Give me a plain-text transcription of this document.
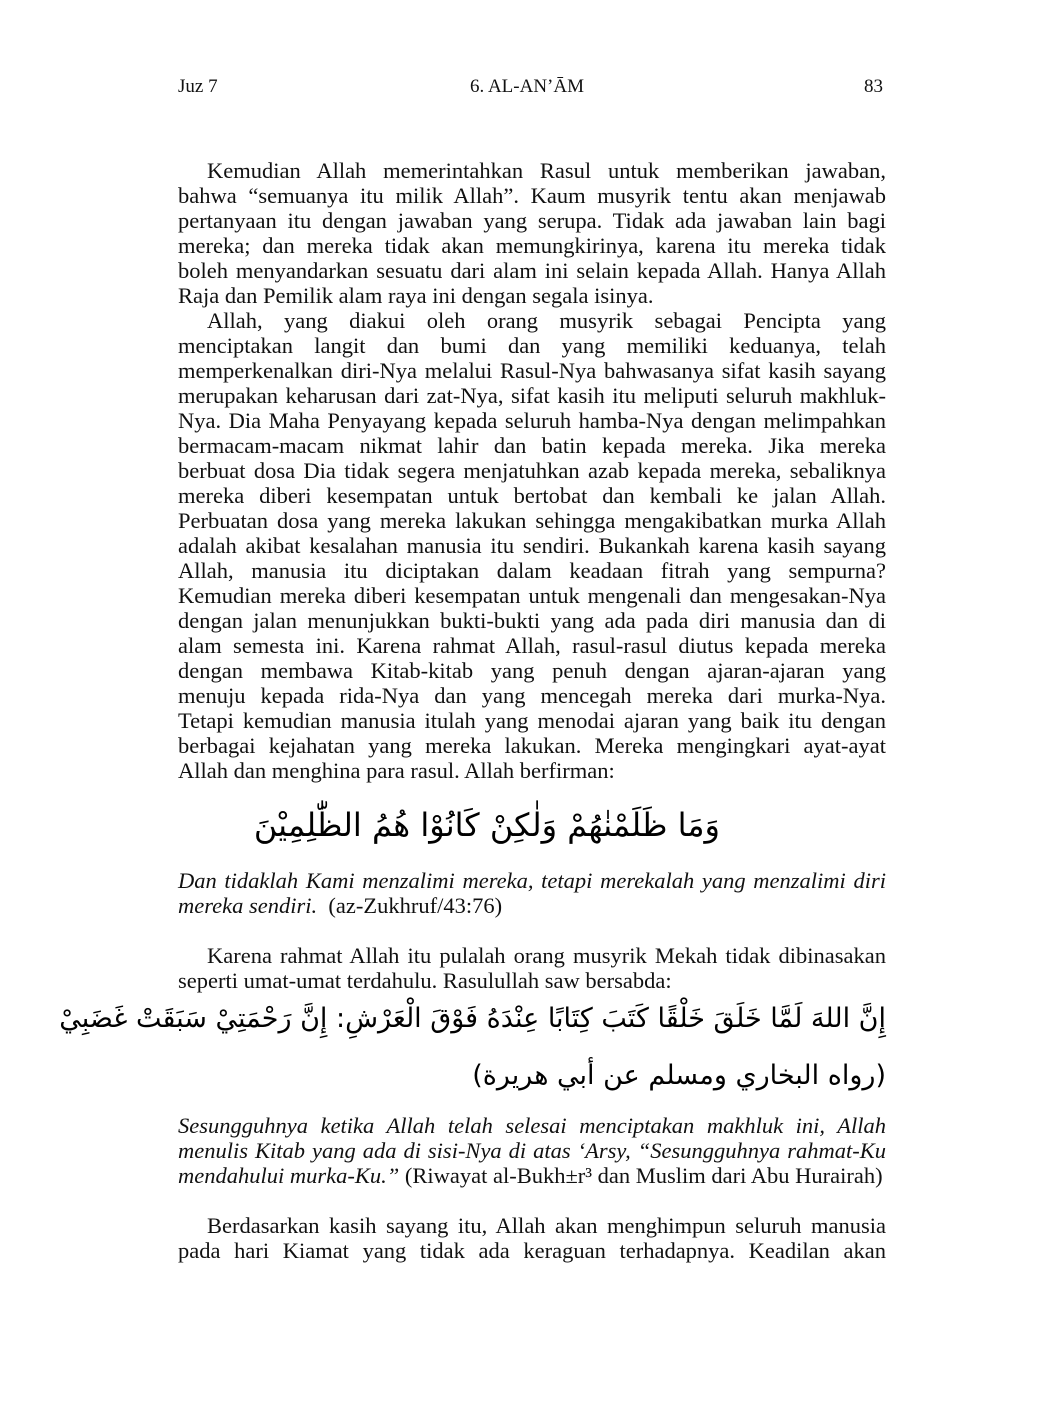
Juz 7	6. AL-AN’ĀM	83
Kemudian Allah memerintahkan Rasul untuk memberikan jawaban,
bahwa “semuanya itu milik Allah”. Kaum musyrik tentu akan menjawab
pertanyaan itu dengan jawaban yang serupa. Tidak ada jawaban lain bagi
mereka; dan mereka tidak akan memungkirinya, karena itu mereka tidak
boleh menyandarkan sesuatu dari alam ini selain kepada Allah. Hanya Allah
Raja dan Pemilik alam raya ini dengan segala isinya.
Allah, yang diakui oleh orang musyrik sebagai Pencipta yang
menciptakan langit dan bumi dan yang memiliki keduanya, telah
memperkenalkan diri-Nya melalui Rasul-Nya bahwasanya sifat kasih sayang
merupakan keharusan dari zat-Nya, sifat kasih itu meliputi seluruh makhluk-
Nya. Dia Maha Penyayang kepada seluruh hamba-Nya dengan melimpahkan
bermacam-macam nikmat lahir dan batin kepada mereka. Jika mereka
berbuat dosa Dia tidak segera menjatuhkan azab kepada mereka, sebaliknya
mereka diberi kesempatan untuk bertobat dan kembali ke jalan Allah.
Perbuatan dosa yang mereka lakukan sehingga mengakibatkan murka Allah
adalah akibat kesalahan manusia itu sendiri. Bukankah karena kasih sayang
Allah, manusia itu diciptakan dalam keadaan fitrah yang sempurna?
Kemudian mereka diberi kesempatan untuk mengenali dan mengesakan-Nya
dengan jalan menunjukkan bukti-bukti yang ada pada diri manusia dan di
alam semesta ini. Karena rahmat Allah, rasul-rasul diutus kepada mereka
dengan membawa Kitab-kitab yang penuh dengan ajaran-ajaran yang
menuju kepada rida-Nya dan yang mencegah mereka dari murka-Nya.
Tetapi kemudian manusia itulah yang menodai ajaran yang baik itu dengan
berbagai kejahatan yang mereka lakukan. Mereka mengingkari ayat-ayat
Allah dan menghina para rasul. Allah berfirman:
وَمَا ظَلَمْنٰهُمْ وَلٰكِنْ كَانُوْا هُمُ الظّٰلِمِيْنَ
Dan tidaklah Kami menzalimi mereka, tetapi merekalah yang menzalimi diri
mereka sendiri. (az-Zukhruf/43:76)
Karena rahmat Allah itu pulalah orang musyrik Mekah tidak dibinasakan
seperti umat-umat terdahulu. Rasulullah saw bersabda:
إِنَّ اللهَ لَمَّا خَلَقَ خَلْقًا كَتَبَ كِتَابًا عِنْدَهُ فَوْقَ الْعَرْشِ: إِنَّ رَحْمَتِيْ سَبَقَتْ غَضَبِيْ
(رواه البخاري ومسلم عن أبي هريرة)
Sesungguhnya ketika Allah telah selesai menciptakan makhluk ini, Allah
menulis Kitab yang ada di sisi-Nya di atas ‘Arsy, “Sesungguhnya rahmat-Ku
mendahului murka-Ku.” (Riwayat al-Bukh±r³ dan Muslim dari Abu Hurairah)
Berdasarkan kasih sayang itu, Allah akan menghimpun seluruh manusia
pada hari Kiamat yang tidak ada keraguan terhadapnya. Keadilan akan
